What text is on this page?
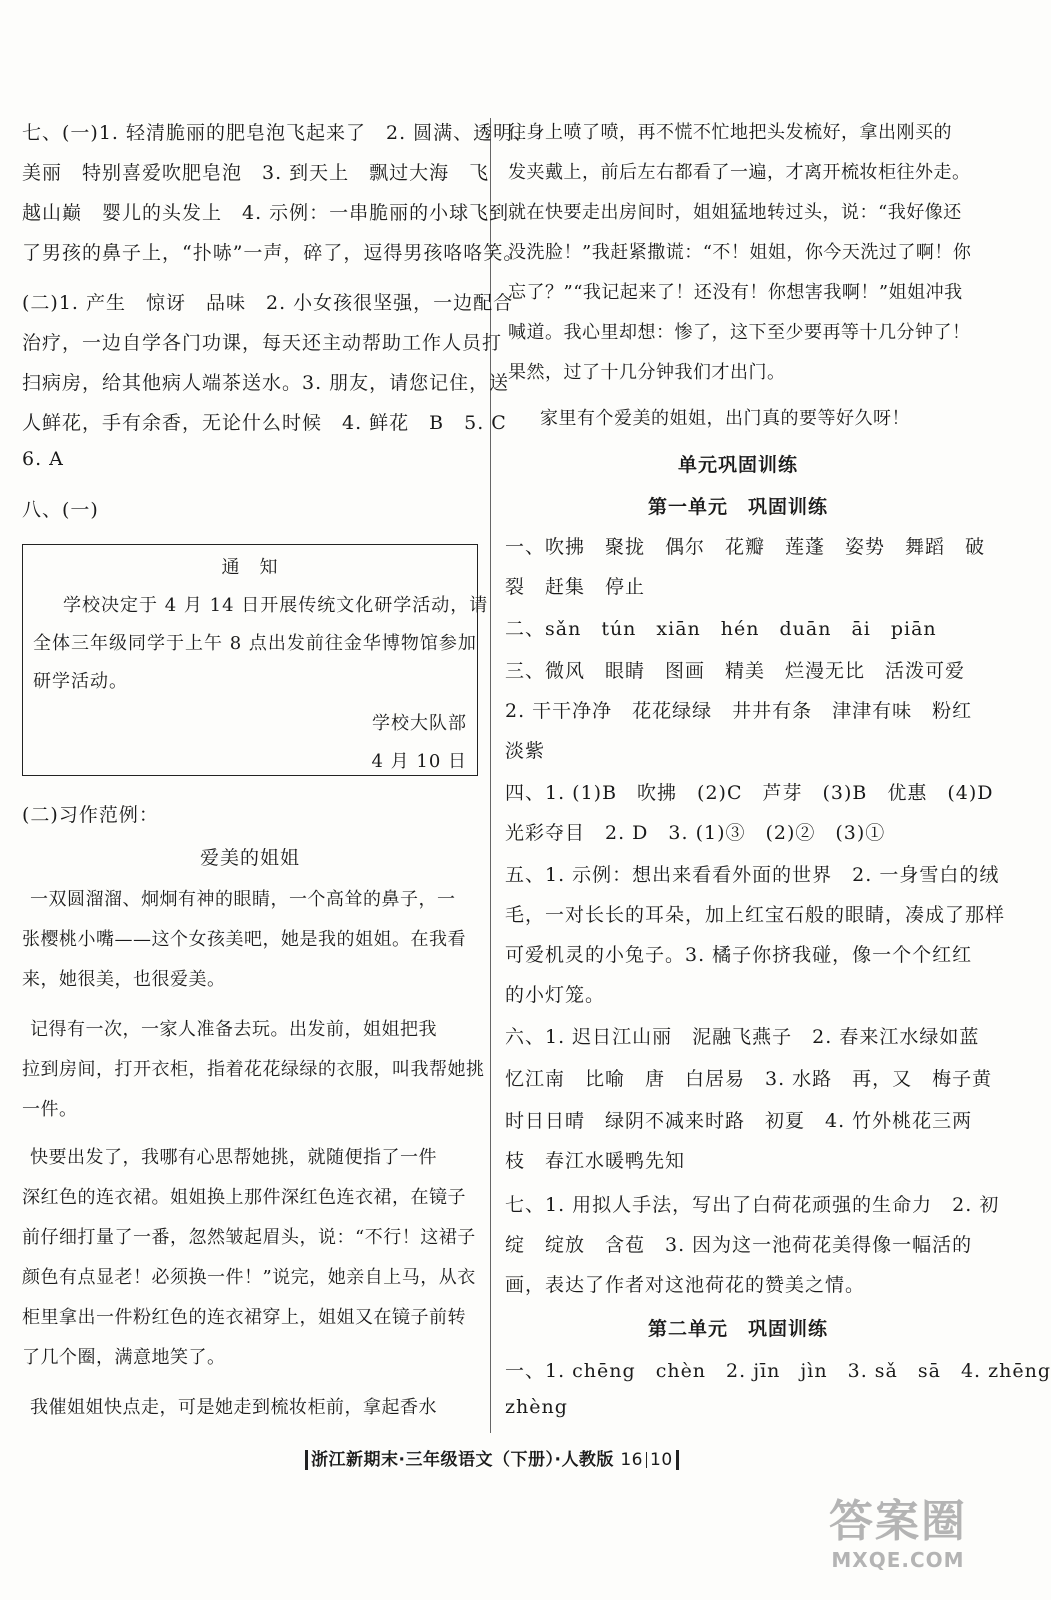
七、(一)1. 轻清脆丽的肥皂泡飞起来了　2. 圆满、透明、

美丽　特别喜爱吹肥皂泡　3. 到天上　飘过大海　飞

越山巅　婴儿的头发上　4. 示例：一串脆丽的小球飞到

了男孩的鼻子上，“扑哧”一声，碎了，逗得男孩咯咯笑。

(二)1. 产生　惊讶　品味　2. 小女孩很坚强，一边配合

治疗，一边自学各门功课，每天还主动帮助工作人员打

扫病房，给其他病人端茶送水。3. 朋友，请您记住，送

人鲜花，手有余香，无论什么时候　4. 鲜花　B　5. C

6. A

八、(一)

通　知

学校决定于 4 月 14 日开展传统文化研学活动，请

全体三年级同学于上午 8 点出发前往金华博物馆参加

研学活动。

学校大队部

4 月 10 日

(二)习作范例：

爱美的姐姐

一双圆溜溜、炯炯有神的眼睛，一个高耸的鼻子，一

张樱桃小嘴——这个女孩美吧，她是我的姐姐。在我看

来，她很美，也很爱美。

记得有一次，一家人准备去玩。出发前，姐姐把我

拉到房间，打开衣柜，指着花花绿绿的衣服，叫我帮她挑

一件。

快要出发了，我哪有心思帮她挑，就随便指了一件

深红色的连衣裙。姐姐换上那件深红色连衣裙，在镜子

前仔细打量了一番，忽然皱起眉头，说：“不行！这裙子

颜色有点显老！必须换一件！”说完，她亲自上马，从衣

柜里拿出一件粉红色的连衣裙穿上，姐姐又在镜子前转

了几个圈，满意地笑了。

我催姐姐快点走，可是她走到梳妆柜前，拿起香水

往身上喷了喷，再不慌不忙地把头发梳好，拿出刚买的

发夹戴上，前后左右都看了一遍，才离开梳妆柜往外走。

就在快要走出房间时，姐姐猛地转过头，说：“我好像还

没洗脸！”我赶紧撒谎：“不！姐姐，你今天洗过了啊！你

忘了？”“我记起来了！还没有！你想害我啊！”姐姐冲我

喊道。我心里却想：惨了，这下至少要再等十几分钟了！

果然，过了十几分钟我们才出门。

家里有个爱美的姐姐，出门真的要等好久呀！

单元巩固训练

第一单元　巩固训练

一、吹拂　聚拢　偶尔　花瓣　莲蓬　姿势　舞蹈　破

裂　赶集　停止

二、sǎn　tún　xiān　hén　duān　āi　piān

三、微风　眼睛　图画　精美　烂漫无比　活泼可爱

2. 干干净净　花花绿绿　井井有条　津津有味　粉红

淡紫

四、1. (1)B　吹拂　(2)C　芦芽　(3)B　优惠　(4)D

光彩夺目　2. D　3. (1)③　(2)②　(3)①

五、1. 示例：想出来看看外面的世界　2. 一身雪白的绒

毛，一对长长的耳朵，加上红宝石般的眼睛，凑成了那样

可爱机灵的小兔子。3. 橘子你挤我碰，像一个个红红

的小灯笼。

六、1. 迟日江山丽　泥融飞燕子　2. 春来江水绿如蓝

忆江南　比喻　唐　白居易　3. 水路　再，又　梅子黄

时日日晴　绿阴不减来时路　初夏　4. 竹外桃花三两

枝　春江水暖鸭先知

七、1. 用拟人手法，写出了白荷花顽强的生命力　2. 初

绽　绽放　含苞　3. 因为这一池荷花美得像一幅活的

画，表达了作者对这池荷花的赞美之情。

第二单元　巩固训练

一、1. chēng　chèn　2. jīn　jìn　3. sǎ　sā　4. zhēng

zhèng

浙江新期末·三年级语文（下册）·人教版 16 10
答案圈
MXQE.COM
